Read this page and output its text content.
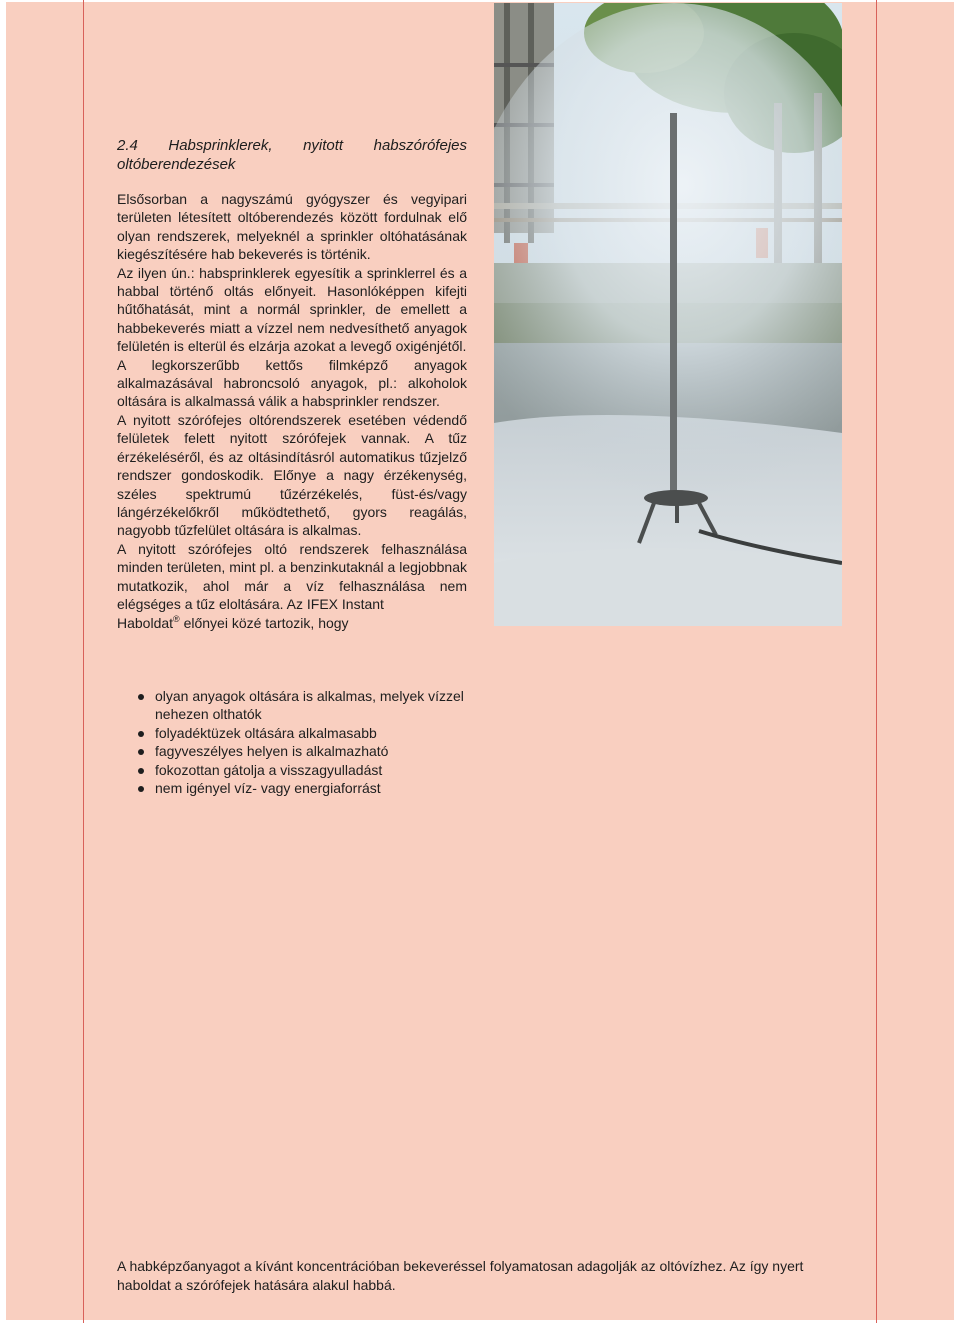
2.4 Habsprinklerek, nyitott habszórófejes oltóberendezések

Elsősorban a nagyszámú gyógyszer és vegyipari területen létesített oltóberendezés között fordulnak elő olyan rendszerek, melyeknél a sprinkler oltóhatásának kiegészítésére hab bekeverés is történik.

Az ilyen ún.: habsprinklerek egyesítik a sprinklerrel és a habbal történő oltás előnyeit. Hasonlóképpen kifejti hűtőhatását, mint a normál sprinkler, de emellett a habbekeverés miatt a vízzel nem nedvesíthető anyagok felületén is elterül és elzárja azokat a levegő oxigénjétől.

A legkorszerűbb kettős filmképző anyagok alkalmazásával habroncsoló anyagok, pl.: alkoholok oltására is alkalmassá válik a habsprinkler rendszer.

A nyitott szórófejes oltórendszerek esetében védendő felületek felett nyitott szórófejek vannak. A tűz érzékeléséről, és az oltásindításról automatikus tűzjelző rendszer gondoskodik. Előnye a nagy érzékenység, széles spektrumú tűzérzékelés, füst-és/vagy lángérzékelőkről működtethető, gyors reagálás, nagyobb tűzfelület oltására is alkalmas.

A nyitott szórófejes oltó rendszerek felhasználása minden területen, mint pl. a benzinkutaknál a legjobbnak mutatkozik, ahol már a víz felhasználása nem elégséges a tűz eloltására. Az IFEX Instant

Haboldat® előnyei közé tartozik, hogy

olyan anyagok oltására is alkalmas, melyek vízzel nehezen olthatók
folyadéktüzek oltására alkalmasabb
fagyveszélyes helyen is alkalmazható
fokozottan gátolja a visszagyulladást
nem igényel víz- vagy energiaforrást

A habképzőanyagot a kívánt koncentrációban bekeveréssel folyamatosan adagolják az oltóvízhez. Az így nyert haboldat a szórófejek hatására alakul habbá.
